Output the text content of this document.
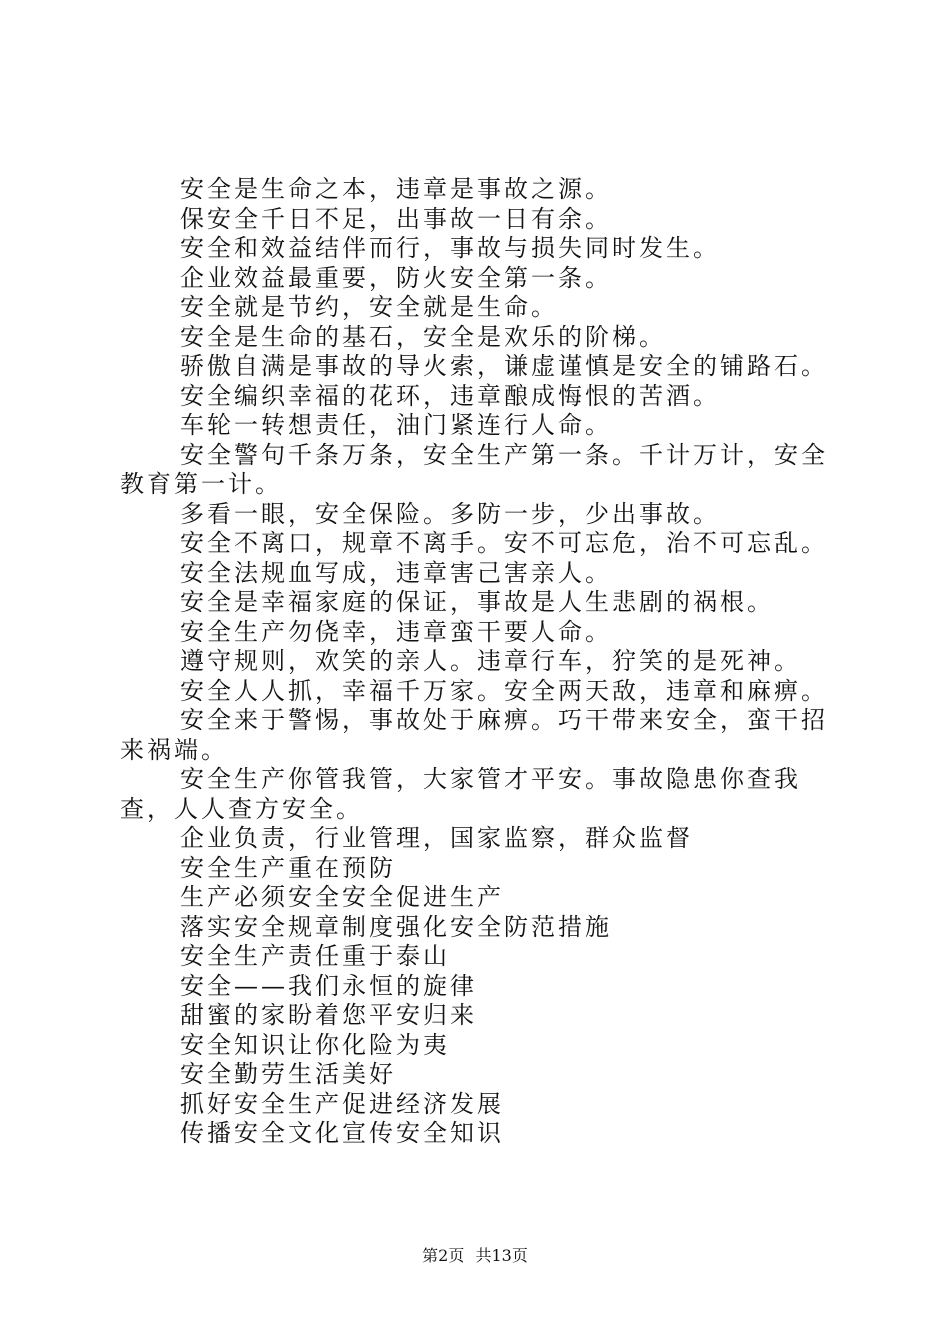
安全是生命之本，违章是事故之源。

保安全千日不足，出事故一日有余。

安全和效益结伴而行，事故与损失同时发生。

企业效益最重要，防火安全第一条。

安全就是节约，安全就是生命。

安全是生命的基石，安全是欢乐的阶梯。

骄傲自满是事故的导火索，谦虚谨慎是安全的铺路石。

安全编织幸福的花环，违章酿成悔恨的苦酒。

车轮一转想责任，油门紧连行人命。

安全警句千条万条，安全生产第一条。千计万计，安全教育第一计。

多看一眼，安全保险。多防一步，少出事故。

安全不离口，规章不离手。安不可忘危，治不可忘乱。

安全法规血写成，违章害己害亲人。

安全是幸福家庭的保证，事故是人生悲剧的祸根。

安全生产勿侥幸，违章蛮干要人命。

遵守规则，欢笑的亲人。违章行车，狞笑的是死神。

安全人人抓，幸福千万家。安全两天敌，违章和麻痹。

安全来于警惕，事故处于麻痹。巧干带来安全，蛮干招来祸端。

安全生产你管我管，大家管才平安。事故隐患你查我查，人人查方安全。

企业负责，行业管理，国家监察，群众监督

安全生产重在预防

生产必须安全安全促进生产

落实安全规章制度强化安全防范措施

安全生产责任重于泰山

安全——我们永恒的旋律

甜蜜的家盼着您平安归来

安全知识让你化险为夷

安全勤劳生活美好

抓好安全生产促进经济发展

传播安全文化宣传安全知识

第2页 共13页
